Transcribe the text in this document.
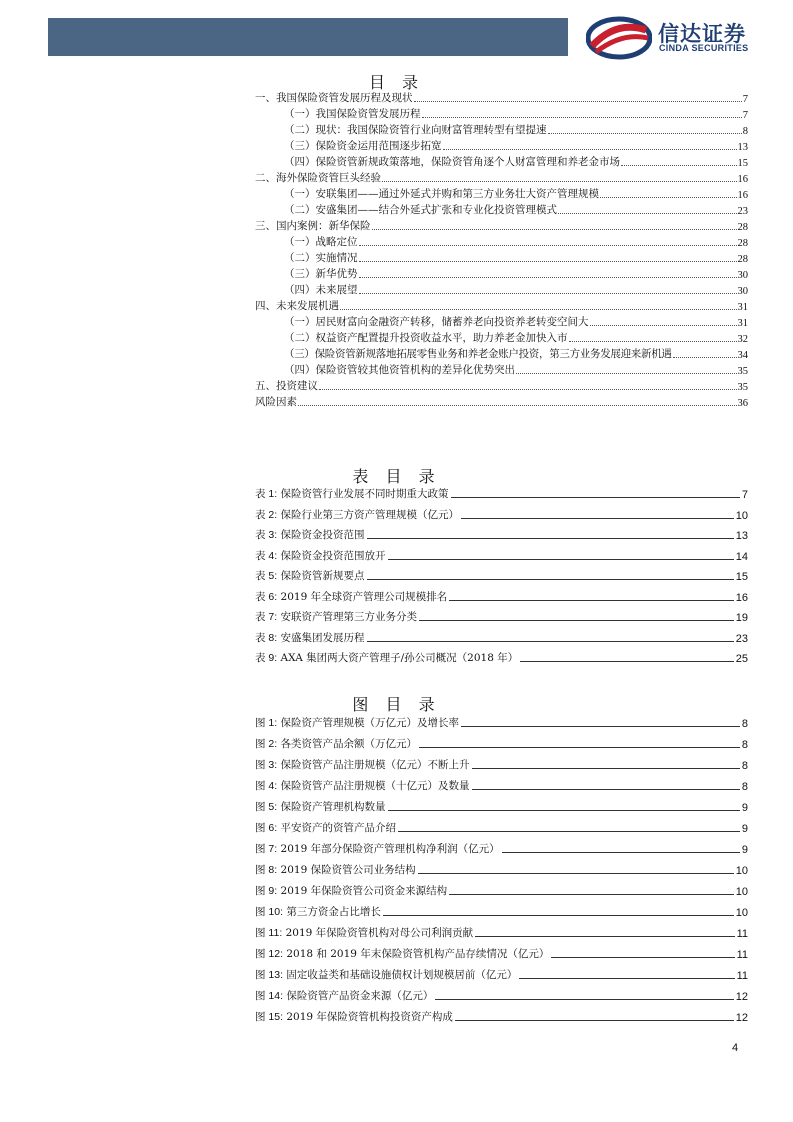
信达证券
CINDA SECURITIES
目 录
一、我国保险资管发展历程及现状	7
（一）我国保险资管发展历程	7
（二）现状：我国保险资管行业向财富管理转型有望提速	8
（三）保险资金运用范围逐步拓宽	13
（四）保险资管新规政策落地，保险资管角逐个人财富管理和养老金市场	15
二、海外保险资管巨头经验	16
（一）安联集团——通过外延式并购和第三方业务壮大资产管理规模	16
（二）安盛集团——结合外延式扩张和专业化投资管理模式	23
三、国内案例：新华保险	28
（一）战略定位	28
（二）实施情况	28
（三）新华优势	30
（四）未来展望	30
四、未来发展机遇	31
（一）居民财富向金融资产转移，储蓄养老向投资养老转变空间大	31
（二）权益资产配置提升投资收益水平，助力养老金加快入市	32
（三）保险资管新规落地拓展零售业务和养老金账户投资，第三方业务发展迎来新机遇	34
（四）保险资管较其他资管机构的差异化优势突出	35
五、投资建议	35
风险因素	36
表 目 录
表 1: 保险资管行业发展不同时期重大政策	7
表 2: 保险行业第三方资产管理规模（亿元）	10
表 3: 保险资金投资范围	13
表 4: 保险资金投资范围放开	14
表 5: 保险资管新规要点	15
表 6: 2019 年全球资产管理公司规模排名	16
表 7: 安联资产管理第三方业务分类	19
表 8: 安盛集团发展历程	23
表 9: AXA 集团两大资产管理子/孙公司概况（2018 年）	25
图 目 录
图 1: 保险资产管理规模（万亿元）及增长率	8
图 2: 各类资管产品余额（万亿元）	8
图 3: 保险资管产品注册规模（亿元）不断上升	8
图 4: 保险资管产品注册规模（十亿元）及数量	8
图 5: 保险资产管理机构数量	9
图 6: 平安资产的资管产品介绍	9
图 7: 2019 年部分保险资产管理机构净利润（亿元）	9
图 8: 2019 保险资管公司业务结构	10
图 9: 2019 年保险资管公司资金来源结构	10
图 10: 第三方资金占比增长	10
图 11: 2019 年保险资管机构对母公司利润贡献	11
图 12: 2018 和 2019 年末保险资管机构产品存续情况（亿元）	11
图 13: 固定收益类和基础设施债权计划规模居前（亿元）	11
图 14: 保险资管产品资金来源（亿元）	12
图 15: 2019 年保险资管机构投资资产构成	12
4
